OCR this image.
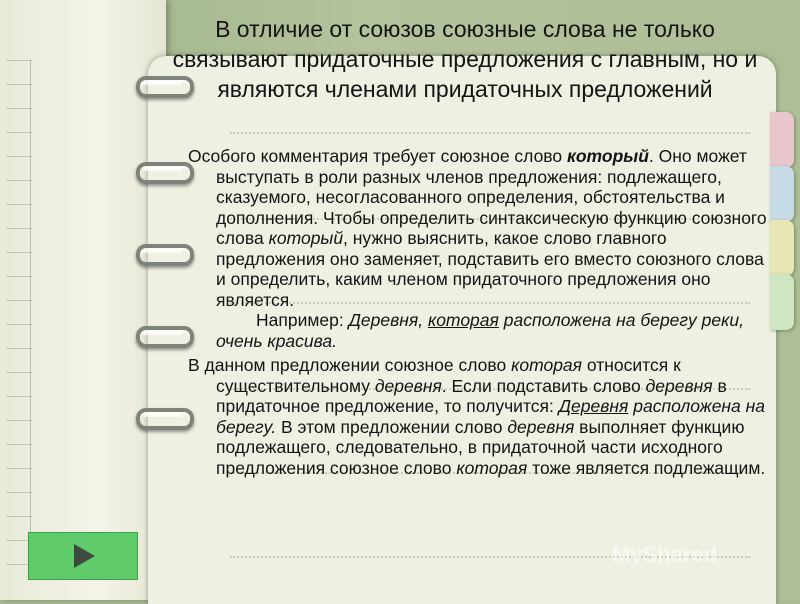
В отличие от союзов союзные слова не только связывают придаточные предложения с главным, но и являются членами придаточных предложений

Особого комментария требует союзное слово который. Оно может выступать в роли разных членов предложения: подлежащего, сказуемого, несогласованного определения, обстоятельства и дополнения. Чтобы определить синтаксическую функцию союзного слова который, нужно выяснить, какое слово главного предложения оно заменяет, подставить его вместо союзного слова и определить, каким членом придаточного предложения оно является.

Например: Деревня, которая расположена на берегу реки, очень красива.

В данном предложении союзное слово которая относится к существительному деревня. Если подставить слово деревня в придаточное предложение, то получится: Деревня расположена на берегу. В этом предложении слово деревня выполняет функцию подлежащего, следовательно, в придаточной части исходного предложения союзное слово которая тоже является подлежащим.

MyShared
